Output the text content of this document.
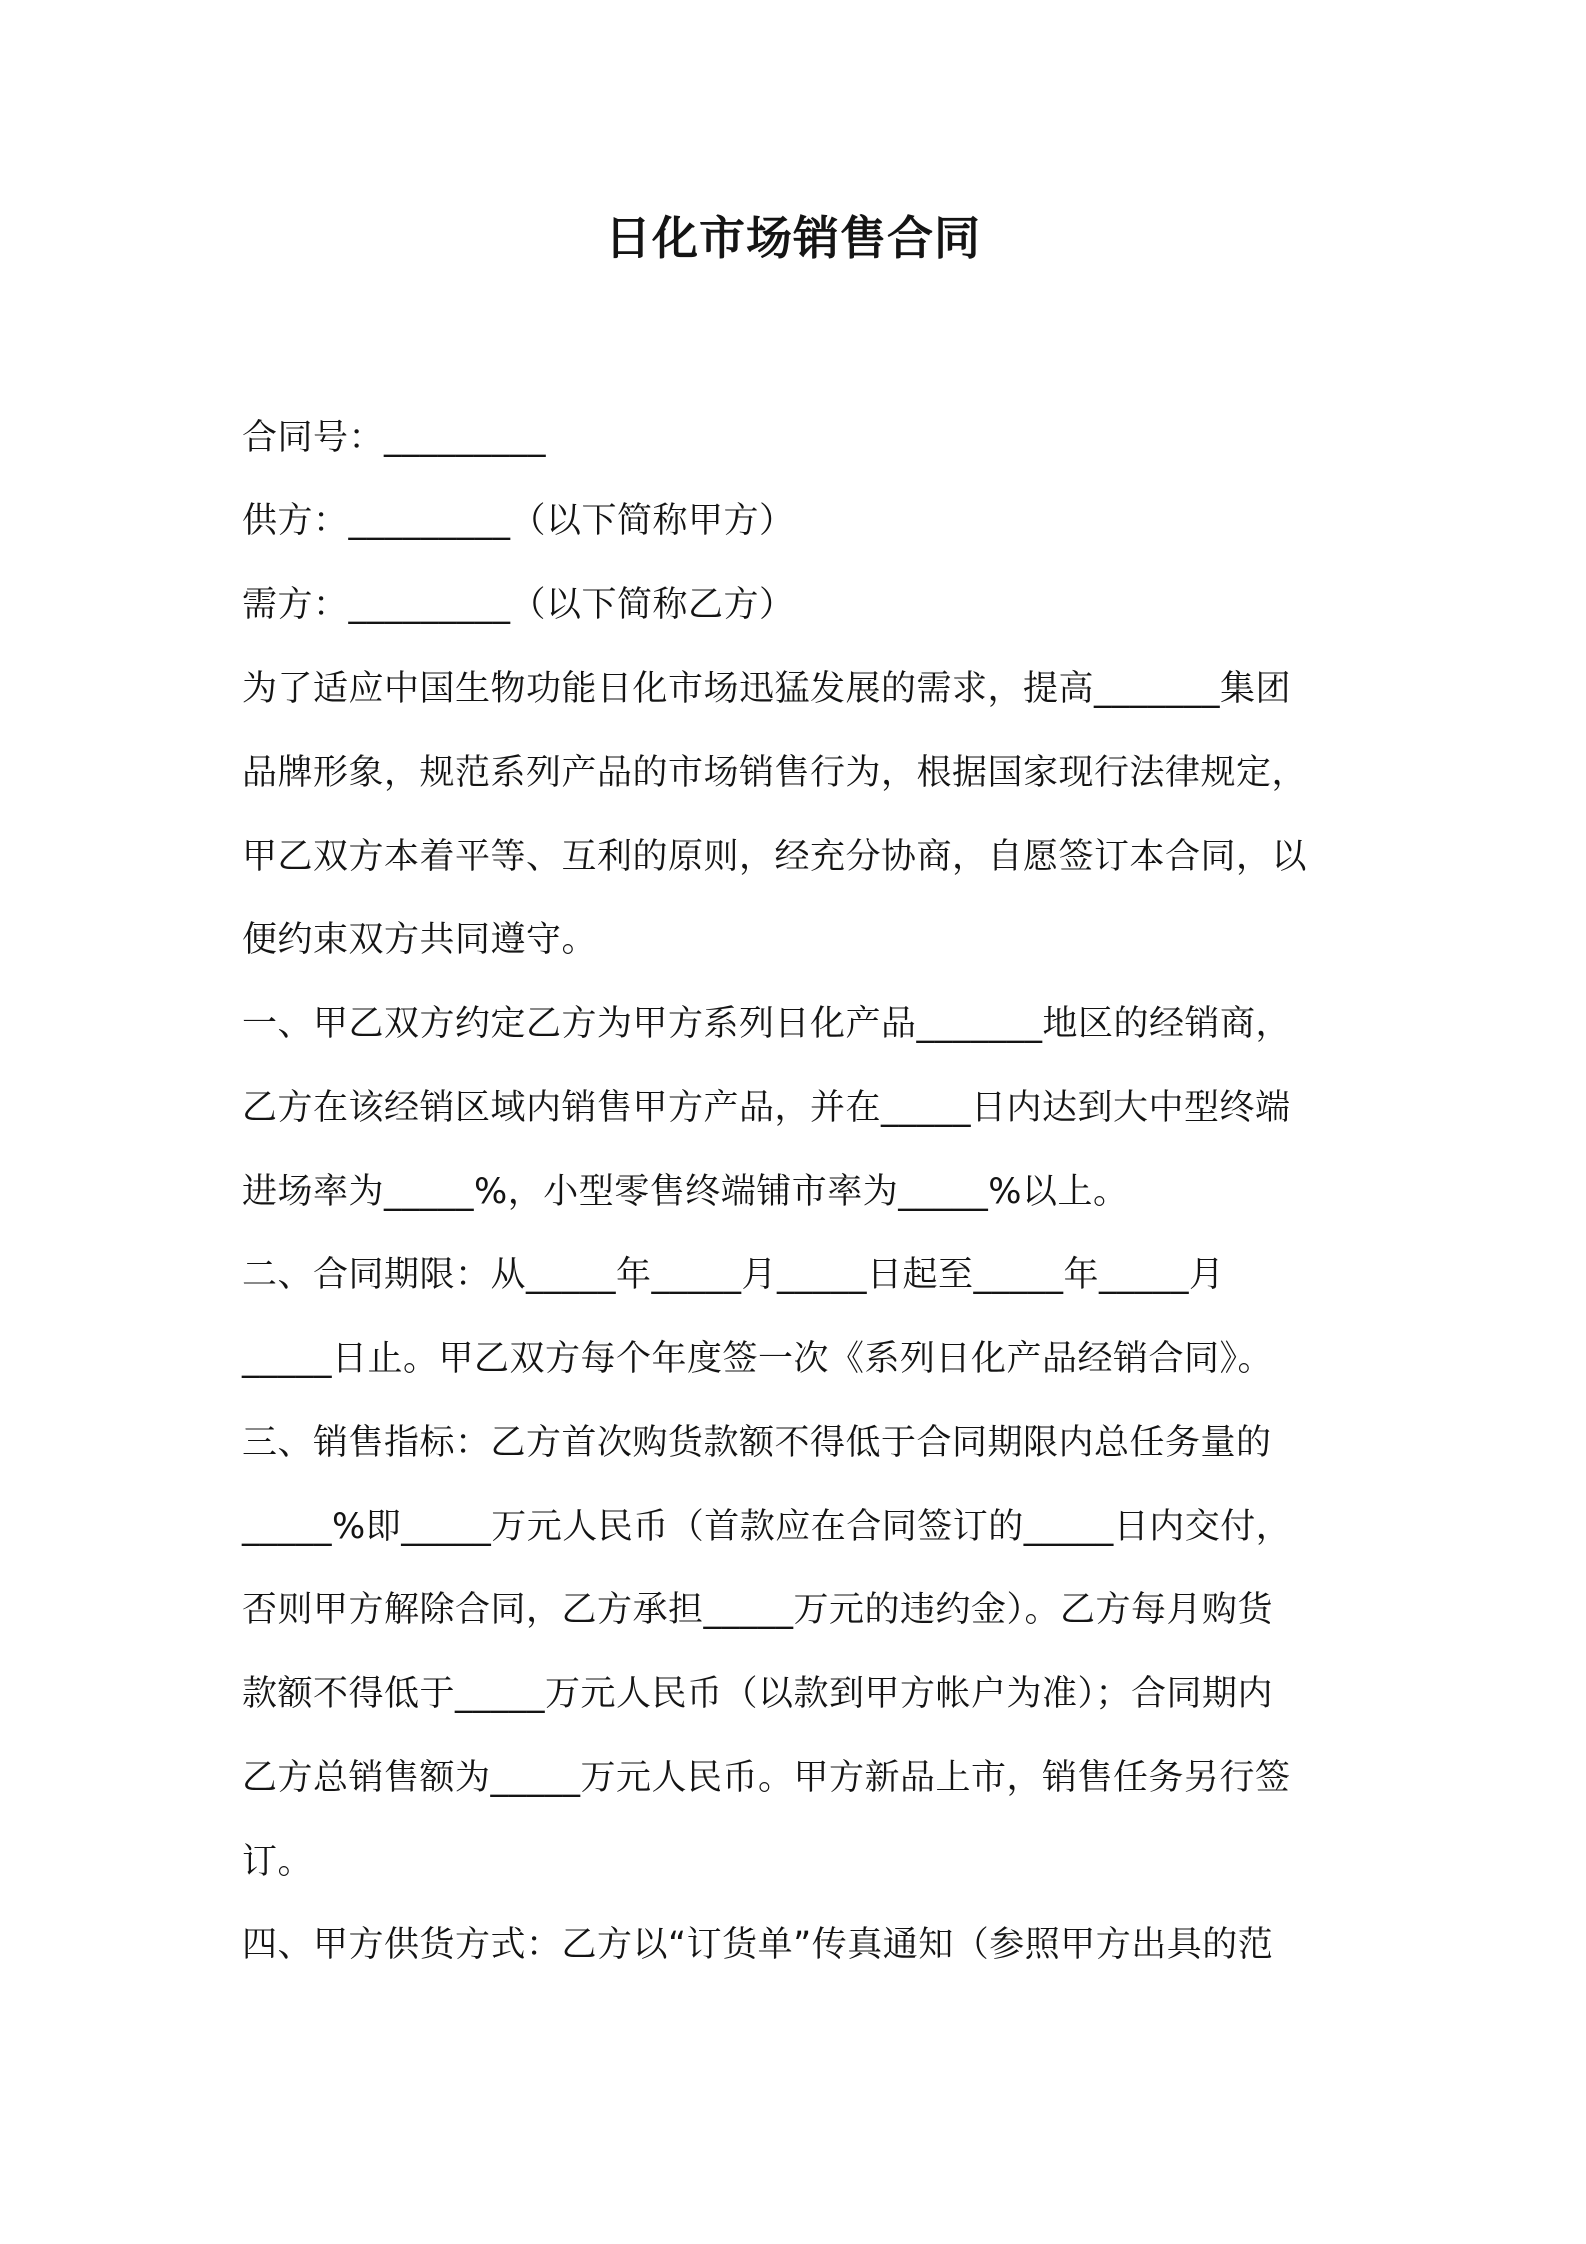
日化市场销售合同
合同号：_________
供方：_________（以下简称甲方）
需方：_________（以下简称乙方）
为了适应中国生物功能日化市场迅猛发展的需求，提高_______集团
品牌形象，规范系列产品的市场销售行为，根据国家现行法律规定，
甲乙双方本着平等、互利的原则，经充分协商，自愿签订本合同，以
便约束双方共同遵守。
一、甲乙双方约定乙方为甲方系列日化产品_______地区的经销商，
乙方在该经销区域内销售甲方产品，并在_____日内达到大中型终端
进场率为_____%，小型零售终端铺市率为_____%以上。
二、合同期限：从_____年_____月_____日起至_____年_____月
_____日止。甲乙双方每个年度签一次《系列日化产品经销合同》。
三、销售指标：乙方首次购货款额不得低于合同期限内总任务量的
_____%即_____万元人民币（首款应在合同签订的_____日内交付，
否则甲方解除合同，乙方承担_____万元的违约金）。乙方每月购货
款额不得低于_____万元人民币（以款到甲方帐户为准）；合同期内
乙方总销售额为_____万元人民币。甲方新品上市，销售任务另行签
订。
四、甲方供货方式：乙方以“订货单”传真通知（参照甲方出具的范
